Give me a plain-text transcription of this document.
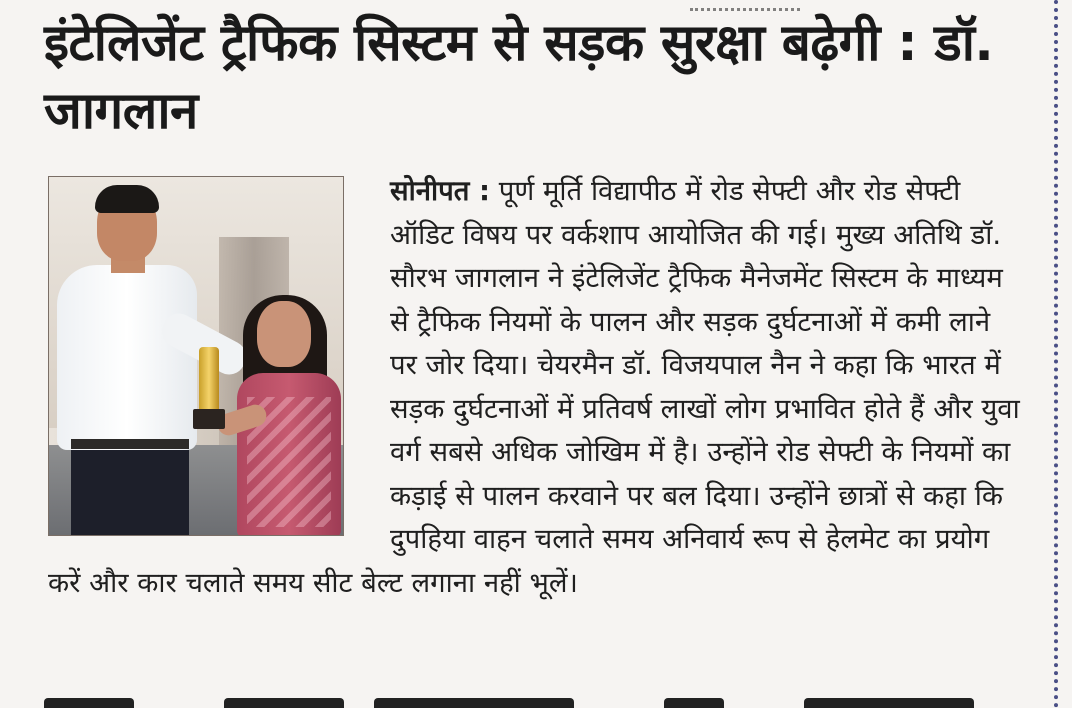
इंटेलिजेंट ट्रैफिक सिस्टम से सड़क सुरक्षा बढ़ेगी : डॉ. जागलान
सोनीपत : पूर्ण मूर्ति विद्यापीठ में रोड सेफ्टी और रोड सेफ्टी ऑडिट विषय पर वर्कशाप आयोजित की गई। मुख्य अतिथि डॉ. सौरभ जागलान ने इंटेलिजेंट ट्रैफिक मैनेजमेंट सिस्टम के माध्यम से ट्रैफिक नियमों के पालन और सड़क दुर्घटनाओं में कमी लाने पर जोर दिया। चेयरमैन डॉ. विजयपाल नैन ने कहा कि भारत में सड़क दुर्घटनाओं में प्रतिवर्ष लाखों लोग प्रभावित होते हैं और युवा वर्ग सबसे अधिक जोखिम में है। उन्होंने रोड सेफ्टी के नियमों का कड़ाई से पालन करवाने पर बल दिया। उन्होंने छात्रों से कहा कि दुपहिया वाहन चलाते समय अनिवार्य रूप से हेलमेट का प्रयोग करें और कार चलाते समय सीट बेल्ट लगाना नहीं भूलें।
